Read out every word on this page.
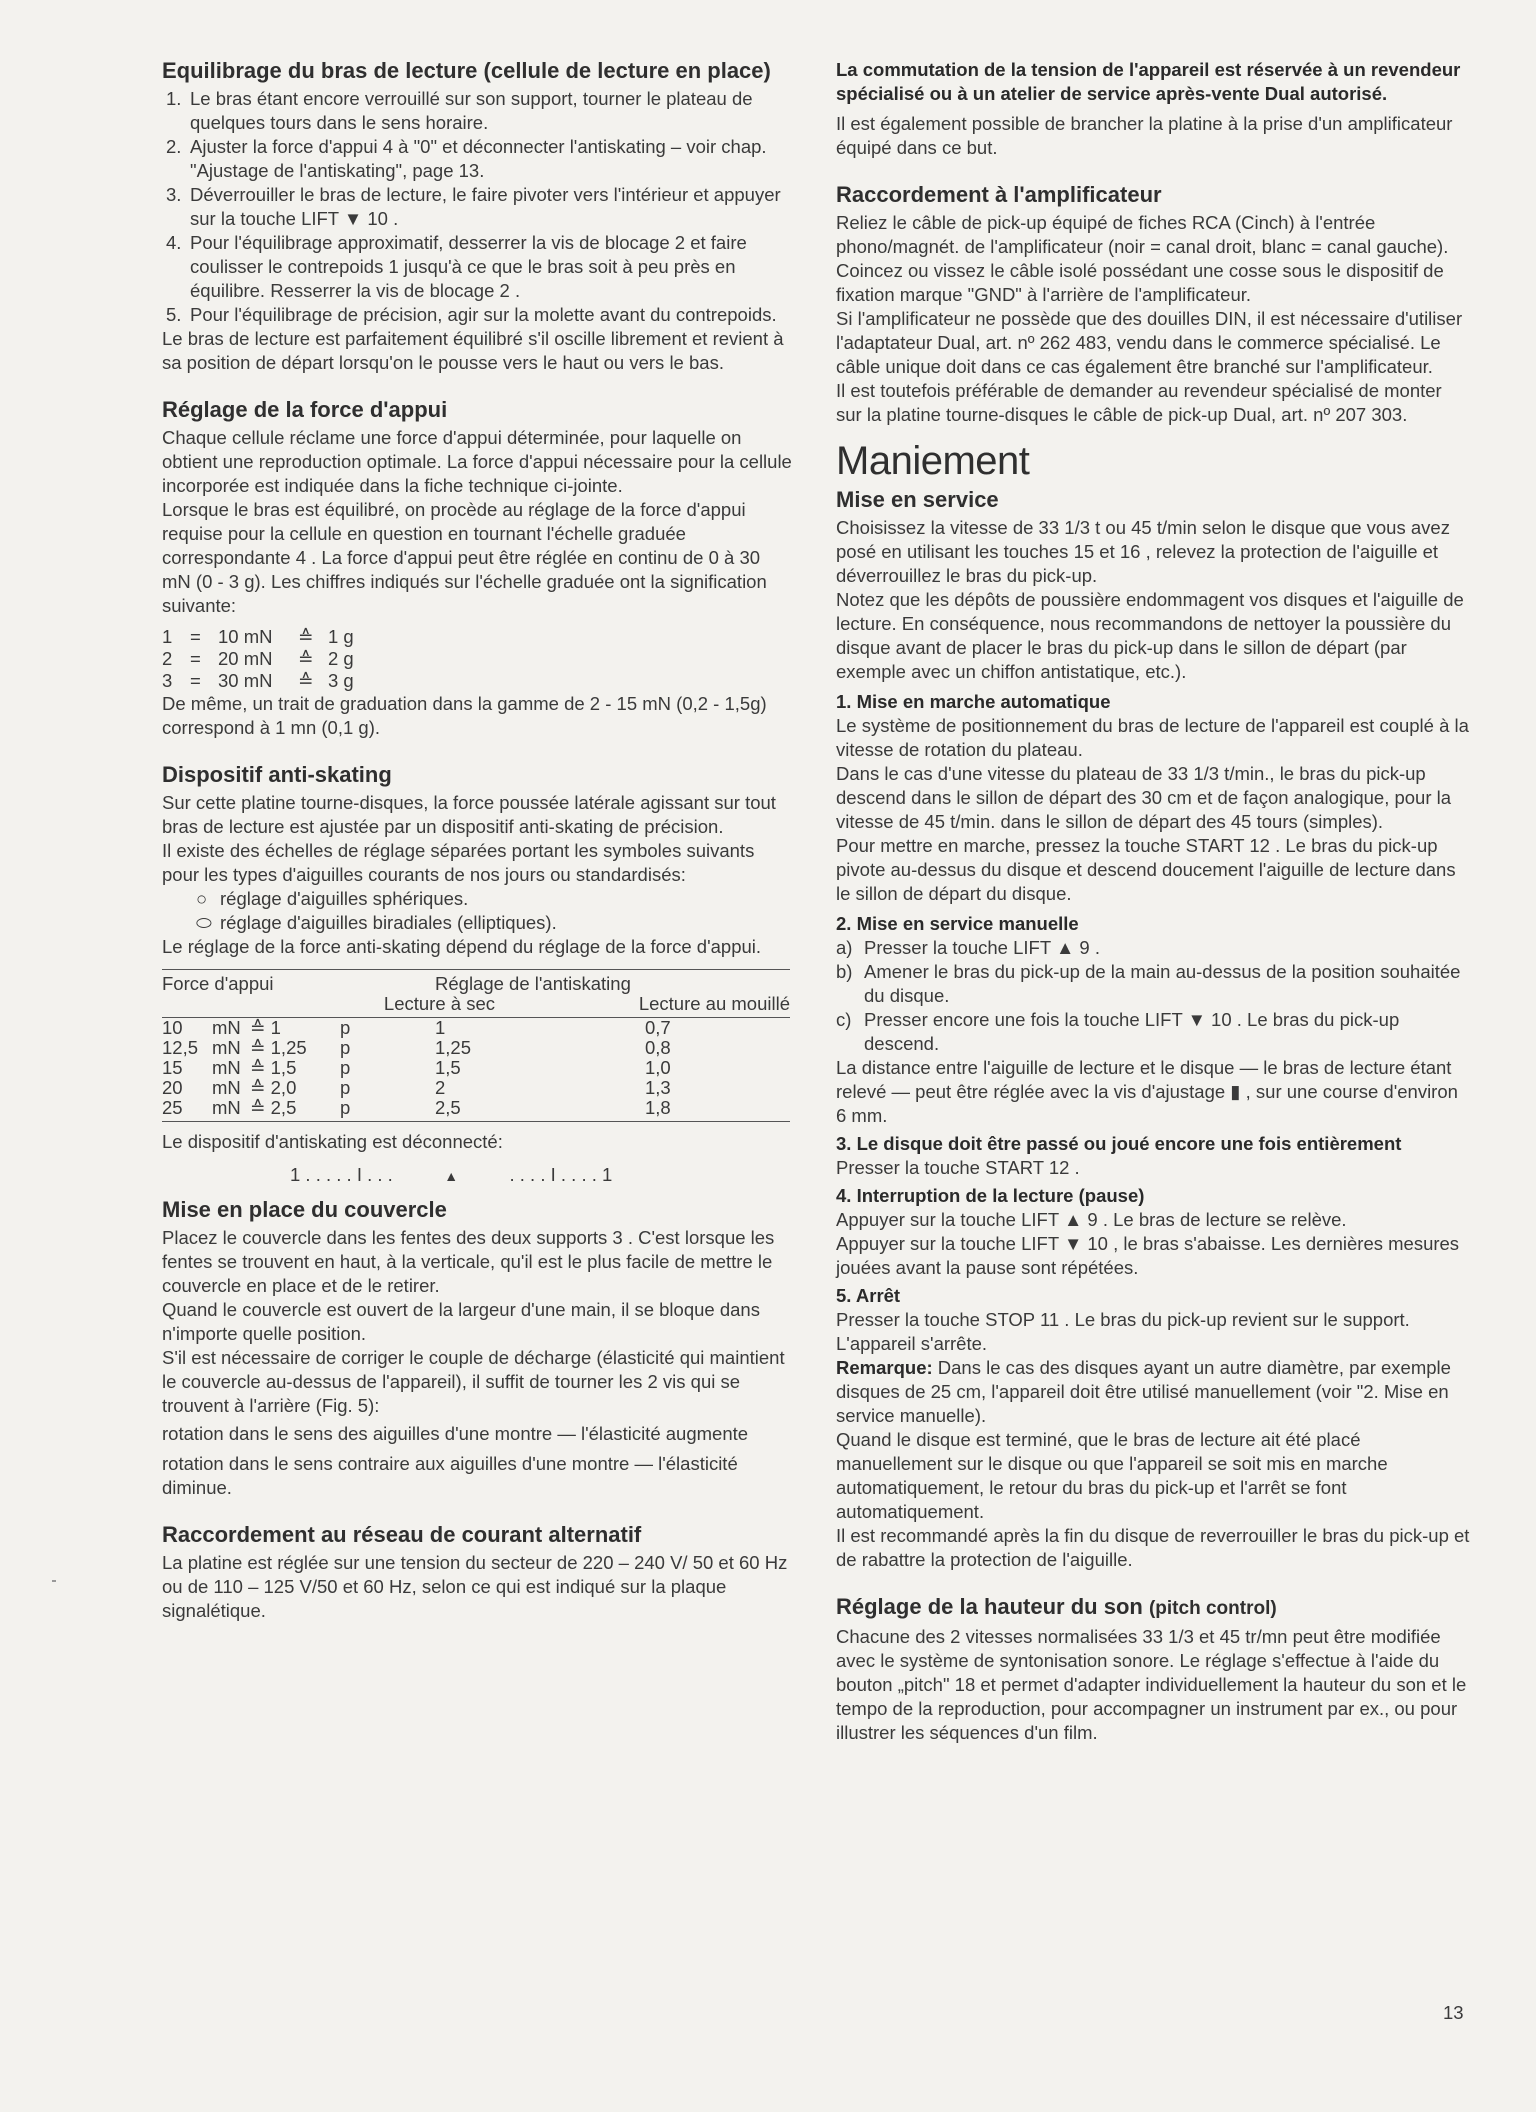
Equilibrage du bras de lecture (cellule de lecture en place)
1. Le bras étant encore verrouillé sur son support, tourner le plateau de quelques tours dans le sens horaire.
2. Ajuster la force d'appui 4 à "0" et déconnecter l'antiskating – voir chap. "Ajustage de l'antiskating", page 13.
3. Déverrouiller le bras de lecture, le faire pivoter vers l'intérieur et appuyer sur la touche LIFT ▼ 10 .
4. Pour l'équilibrage approximatif, desserrer la vis de blocage 2 et faire coulisser le contrepoids 1 jusqu'à ce que le bras soit à peu près en équilibre. Resserrer la vis de blocage 2 .
5. Pour l'équilibrage de précision, agir sur la molette avant du contrepoids.

Le bras de lecture est parfaitement équilibré s'il oscille librement et revient à sa position de départ lorsqu'on le pousse vers le haut ou vers le bas.

Réglage de la force d'appui

Chaque cellule réclame une force d'appui déterminée, pour laquelle on obtient une reproduction optimale. La force d'appui nécessaire pour la cellule incorporée est indiquée dans la fiche technique ci-jointe.

Lorsque le bras est équilibré, on procède au réglage de la force d'appui requise pour la cellule en question en tournant l'échelle graduée correspondante 4 . La force d'appui peut être réglée en continu de 0 à 30 mN (0 - 3 g). Les chiffres indiqués sur l'échelle graduée ont la signification suivante:

1 = 10 mN ≙ 1 g
2 = 20 mN ≙ 2 g
3 = 30 mN ≙ 3 g

De même, un trait de graduation dans la gamme de 2 - 15 mN (0,2 - 1,5g) correspond à 1 mn (0,1 g).

Dispositif anti-skating

Sur cette platine tourne-disques, la force poussée latérale agissant sur tout bras de lecture est ajustée par un dispositif anti-skating de précision.

Il existe des échelles de réglage séparées portant les symboles suivants pour les types d'aiguilles courants de nos jours ou standardisés:

○ réglage d'aiguilles sphériques.
⬭ réglage d'aiguilles biradiales (elliptiques).

Le réglage de la force anti-skating dépend du réglage de la force d'appui.

Force d'appui				Réglage de l'antiskating	
Lecture à sec					Lecture au mouillé
10	mN	≙ 1	p	1	0,7
12,5	mN	≙ 1,25	p	1,25	0,8
15	mN	≙ 1,5	p	1,5	1,0
20	mN	≙ 2,0	p	2	1,3
25	mN	≙ 2,5	p	2,5	1,8

Le dispositif d'antiskating est déconnecté:

1 . . . . . I . . .	▲	. . . . I . . . . 1
Mise en place du couvercle

Placez le couvercle dans les fentes des deux supports 3 . C'est lorsque les fentes se trouvent en haut, à la verticale, qu'il est le plus facile de mettre le couvercle en place et de le retirer.

Quand le couvercle est ouvert de la largeur d'une main, il se bloque dans n'importe quelle position.

S'il est nécessaire de corriger le couple de décharge (élasticité qui maintient le couvercle au-dessus de l'appareil), il suffit de tourner les 2 vis qui se trouvent à l'arrière (Fig. 5):

rotation dans le sens des aiguilles d'une montre — l'élasticité augmente

rotation dans le sens contraire aux aiguilles d'une montre — l'élasticité diminue.

Raccordement au réseau de courant alternatif

La platine est réglée sur une tension du secteur de 220 – 240 V/ 50 et 60 Hz ou de 110 – 125 V/50 et 60 Hz, selon ce qui est indiqué sur la plaque signalétique.

La commutation de la tension de l'appareil est réservée à un revendeur spécialisé ou à un atelier de service après-vente Dual autorisé.

Il est également possible de brancher la platine à la prise d'un amplificateur équipé dans ce but.

Raccordement à l'amplificateur

Reliez le câble de pick-up équipé de fiches RCA (Cinch) à l'entrée phono/magnét. de l'amplificateur (noir = canal droit, blanc = canal gauche). Coincez ou vissez le câble isolé possédant une cosse sous le dispositif de fixation marque "GND" à l'arrière de l'amplificateur.

Si l'amplificateur ne possède que des douilles DIN, il est nécessaire d'utiliser l'adaptateur Dual, art. nº 262 483, vendu dans le commerce spécialisé. Le câble unique doit dans ce cas également être branché sur l'amplificateur.

Il est toutefois préférable de demander au revendeur spécialisé de monter sur la platine tourne-disques le câble de pick-up Dual, art. nº 207 303.

Maniement
Mise en service

Choisissez la vitesse de 33 1/3 t ou 45 t/min selon le disque que vous avez posé en utilisant les touches 15 et 16 , relevez la protection de l'aiguille et déverrouillez le bras du pick-up.

Notez que les dépôts de poussière endommagent vos disques et l'aiguille de lecture. En conséquence, nous recommandons de nettoyer la poussière du disque avant de placer le bras du pick-up dans le sillon de départ (par exemple avec un chiffon antistatique, etc.).

1. Mise en marche automatique

Le système de positionnement du bras de lecture de l'appareil est couplé à la vitesse de rotation du plateau.

Dans le cas d'une vitesse du plateau de 33 1/3 t/min., le bras du pick-up descend dans le sillon de départ des 30 cm et de façon analogique, pour la vitesse de 45 t/min. dans le sillon de départ des 45 tours (simples).

Pour mettre en marche, pressez la touche START 12 . Le bras du pick-up pivote au-dessus du disque et descend doucement l'aiguille de lecture dans le sillon de départ du disque.

2. Mise en service manuelle

a) Presser la touche LIFT ▲ 9 .
b) Amener le bras du pick-up de la main au-dessus de la position souhaitée du disque.
c) Presser encore une fois la touche LIFT ▼ 10 . Le bras du pick-up descend.

La distance entre l'aiguille de lecture et le disque — le bras de lecture étant relevé — peut être réglée avec la vis d'ajustage ▮ , sur une course d'environ 6 mm.

3. Le disque doit être passé ou joué encore une fois entièrement

Presser la touche START 12 .

4. Interruption de la lecture (pause)

Appuyer sur la touche LIFT ▲ 9 . Le bras de lecture se relève.

Appuyer sur la touche LIFT ▼ 10 , le bras s'abaisse. Les dernières mesures jouées avant la pause sont répétées.

5. Arrêt

Presser la touche STOP 11 . Le bras du pick-up revient sur le support. L'appareil s'arrête.

Remarque: Dans le cas des disques ayant un autre diamètre, par exemple disques de 25 cm, l'appareil doit être utilisé manuellement (voir "2. Mise en service manuelle).

Quand le disque est terminé, que le bras de lecture ait été placé manuellement sur le disque ou que l'appareil se soit mis en marche automatiquement, le retour du bras du pick-up et l'arrêt se font automatiquement.

Il est recommandé après la fin du disque de reverrouiller le bras du pick-up et de rabattre la protection de l'aiguille.

Réglage de la hauteur du son (pitch control)

Chacune des 2 vitesses normalisées 33 1/3 et 45 tr/mn peut être modifiée avec le système de syntonisation sonore. Le réglage s'effectue à l'aide du bouton „pitch" 18 et permet d'adapter individuellement la hauteur du son et le tempo de la reproduction, pour accompagner un instrument par ex., ou pour illustrer les séquences d'un film.

13
